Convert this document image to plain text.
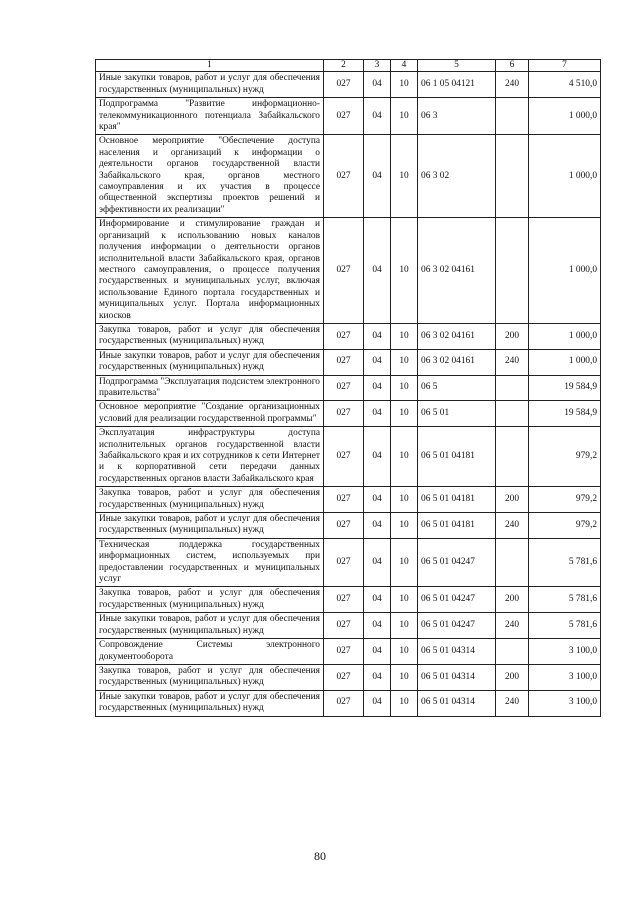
1	2	3	4	5	6	7
Иные закупки товаров, работ и услуг для обеспечения государственных (муниципальных) нужд	027	04	10	06 1 05 04121	240	4 510,0
Подпрограмма "Развитие информационно-телекоммуникационного потенциала Забайкальского края"	027	04	10	06 3		1 000,0
Основное мероприятие "Обеспечение доступа населения и организаций к информации о деятельности органов государственной власти Забайкальского края, органов местного самоуправления и их участия в процессе общественной экспертизы проектов решений и эффективности их реализации"	027	04	10	06 3 02		1 000,0
Информирование и стимулирование граждан и организаций к использованию новых каналов получения информации о деятельности органов исполнительной власти Забайкальского края, органов местного самоуправления, о процессе получения государственных и муниципальных услуг, включая использование Единого портала государственных и муниципальных услуг. Портала информационных киосков	027	04	10	06 3 02 04161		1 000,0
Закупка товаров, работ и услуг для обеспечения государственных (муниципальных) нужд	027	04	10	06 3 02 04161	200	1 000,0
Иные закупки товаров, работ и услуг для обеспечения государственных (муниципальных) нужд	027	04	10	06 3 02 04161	240	1 000,0
Подпрограмма "Эксплуатация подсистем электронного правительства"	027	04	10	06 5		19 584,9
Основное мероприятие "Создание организационных условий для реализации государственной программы"	027	04	10	06 5 01		19 584,9
Эксплуатация инфраструктуры доступа исполнительных органов государственной власти Забайкальского края и их сотрудников к сети Интернет и к корпоративной сети передачи данных государственных органов власти Забайкальского края	027	04	10	06 5 01 04181		979,2
Закупка товаров, работ и услуг для обеспечения государственных (муниципальных) нужд	027	04	10	06 5 01 04181	200	979,2
Иные закупки товаров, работ и услуг для обеспечения государственных (муниципальных) нужд	027	04	10	06 5 01 04181	240	979,2
Техническая поддержка государственных информационных систем, используемых при предоставлении государственных и муниципальных услуг	027	04	10	06 5 01 04247		5 781,6
Закупка товаров, работ и услуг для обеспечения государственных (муниципальных) нужд	027	04	10	06 5 01 04247	200	5 781,6
Иные закупки товаров, работ и услуг для обеспечения государственных (муниципальных) нужд	027	04	10	06 5 01 04247	240	5 781,6
Сопровождение Системы электронного документооборота	027	04	10	06 5 01 04314		3 100,0
Закупка товаров, работ и услуг для обеспечения государственных (муниципальных) нужд	027	04	10	06 5 01 04314	200	3 100,0
Иные закупки товаров, работ и услуг для обеспечения государственных (муниципальных) нужд	027	04	10	06 5 01 04314	240	3 100,0
80
